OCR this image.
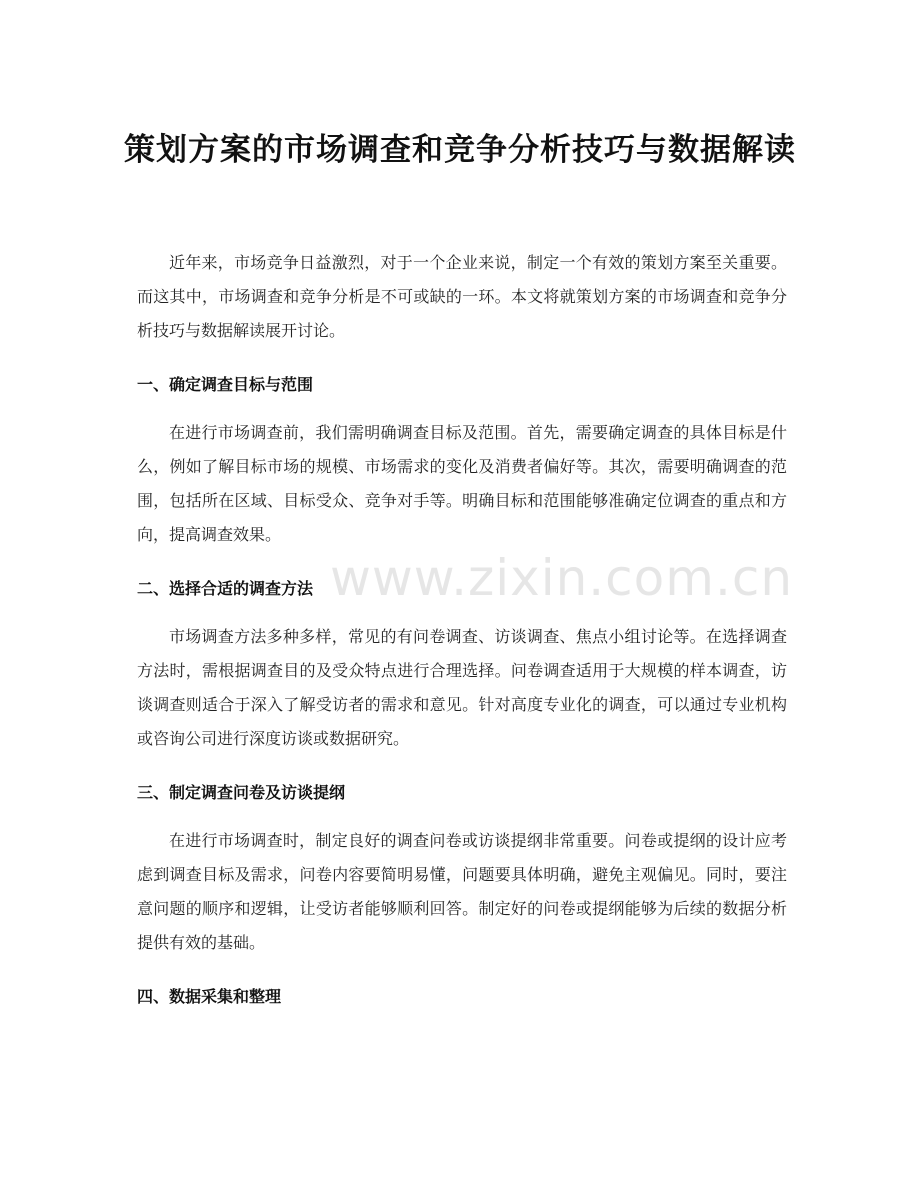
策划方案的市场调查和竞争分析技巧与数据解读

近年来，市场竞争日益激烈，对于一个企业来说，制定一个有效的策划方案至关重要。而这其中，市场调查和竞争分析是不可或缺的一环。本文将就策划方案的市场调查和竞争分析技巧与数据解读展开讨论。

一、确定调查目标与范围

在进行市场调查前，我们需明确调查目标及范围。首先，需要确定调查的具体目标是什么，例如了解目标市场的规模、市场需求的变化及消费者偏好等。其次，需要明确调查的范围，包括所在区域、目标受众、竞争对手等。明确目标和范围能够准确定位调查的重点和方向，提高调查效果。

二、选择合适的调查方法

市场调查方法多种多样，常见的有问卷调查、访谈调查、焦点小组讨论等。在选择调查方法时，需根据调查目的及受众特点进行合理选择。问卷调查适用于大规模的样本调查，访谈调查则适合于深入了解受访者的需求和意见。针对高度专业化的调查，可以通过专业机构或咨询公司进行深度访谈或数据研究。

三、制定调查问卷及访谈提纲

在进行市场调查时，制定良好的调查问卷或访谈提纲非常重要。问卷或提纲的设计应考虑到调查目标及需求，问卷内容要简明易懂，问题要具体明确，避免主观偏见。同时，要注意问题的顺序和逻辑，让受访者能够顺利回答。制定好的问卷或提纲能够为后续的数据分析提供有效的基础。

四、数据采集和整理
www.zixin.com.cn
